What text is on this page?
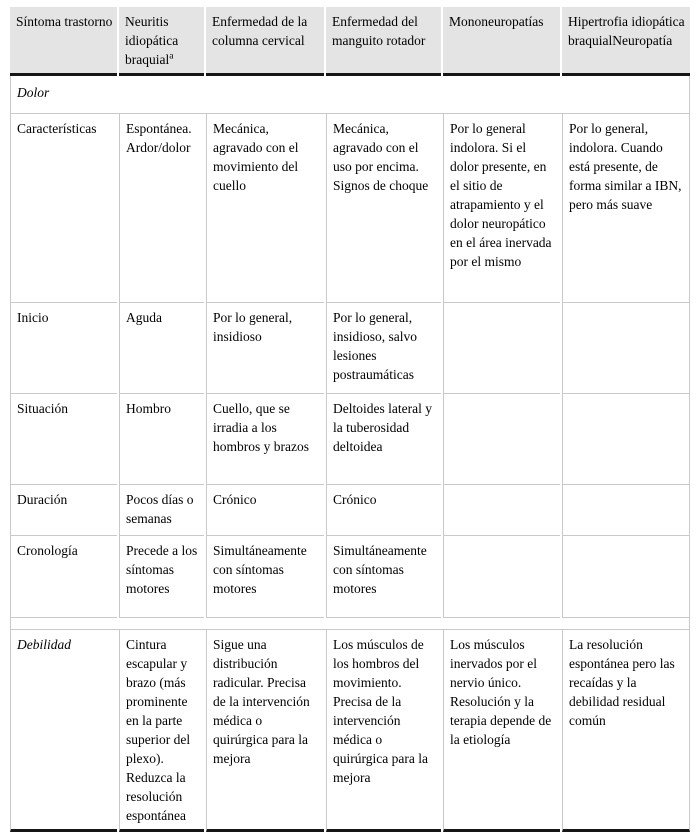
Síntoma trastorno	Neuritis idiopática braquial$^a$	Enfermedad de la columna cervical	Enfermedad del manguito rotador	Mononeuropatías	Hipertrofia idiopática braquialNeuropatía
Dolor					
Características	Espontánea. Ardor/dolor	Mecánica, agravado con el movimiento del cuello	Mecánica, agravado con el uso por encima. Signos de choque	Por lo general indolora. Si el dolor presente, en el sitio de atrapamiento y el dolor neuropático en el área inervada por el mismo	Por lo general, indolora. Cuando está presente, de forma similar a IBN, pero más suave
Inicio	Aguda	Por lo general, insidioso	Por lo general, insidioso, salvo lesiones postraumáticas		
Situación	Hombro	Cuello, que se irradia a los hombros y brazos	Deltoides lateral y la tuberosidad deltoidea		
Duración	Pocos días o semanas	Crónico	Crónico		
Cronología	Precede a los síntomas motores	Simultáneamente con síntomas motores	Simultáneamente con síntomas motores		

Debilidad	Cintura escapular y brazo (más prominente en la parte superior del plexo). Reduzca la resolución espontánea	Sigue una distribución radicular. Precisa de la intervención médica o quirúrgica para la mejora	Los músculos de los hombros del movimiento. Precisa de la intervención médica o quirúrgica para la mejora	Los músculos inervados por el nervio único. Resolución y la terapia depende de la etiología	La resolución espontánea pero las recaídas y la debilidad residual común
